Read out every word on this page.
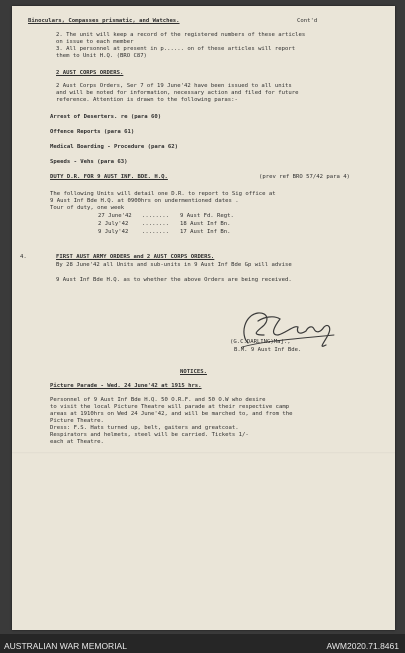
Binoculars, Compasses prismatic, and Watches.	Cont'd
2. The unit will keep a record of the registered numbers of these articles
on issue to each member
3. All personnel at present in p...... on of these articles will report
them to Unit H.Q. (BRO C87)
2 AUST CORPS ORDERS.
2 Aust Corps Orders, Ser 7 of 19 June'42 have been issued to all units
and will be noted for information, necessary action and filed for future
reference. Attention is drawn to the following paras:-
Arrest of Deserters. re (para 60)
Offence Reports (para 61)
Medical Boarding - Procedure (para 62)
Speeds - Vehs (para 63)
DUTY D.R. FOR 9 AUST INF. BDE. H.Q.	(prev ref BRO 57/42 para 4)
The following Units will detail one D.R. to report to Sig office at
9 Aust Inf Bde H.Q. at 0900hrs on undermentioned dates .
Tour of duty, one week
27 June'42 ........ 9 Aust Fd. Regt.
2 July'42 ........ 18 Aust Inf Bn.
9 July'42 ........ 17 Aust Inf Bn.
4.	FIRST AUST ARMY ORDERS and 2 AUST CORPS ORDERS.
By 28 June'42 all Units and sub-units in 9 Aust Inf Bde Gp will advise
9 Aust Inf Bde H.Q. as to whether the above Orders are being received.
(G.C.DARLING)Maj.,
B.M. 9 Aust Inf Bde.
NOTICES.
Picture Parade - Wed. 24 June'42 at 1915 hrs.
Personnel of 9 Aust Inf Bde H.Q. 50 O.R.F. and 50 O.W who desire
to visit the local Picture Theatre will parade at their respective camp
areas at 1910hrs on Wed 24 June'42, and will be marched to, and from the
Picture Theatre.
Dress: F.S. Hats turned up, belt, gaiters and greatcoat.
Respirators and helmets, steel will be carried. Tickets 1/-
each at Theatre.
AUSTRALIAN WAR MEMORIAL	AWM2020.71.8461
